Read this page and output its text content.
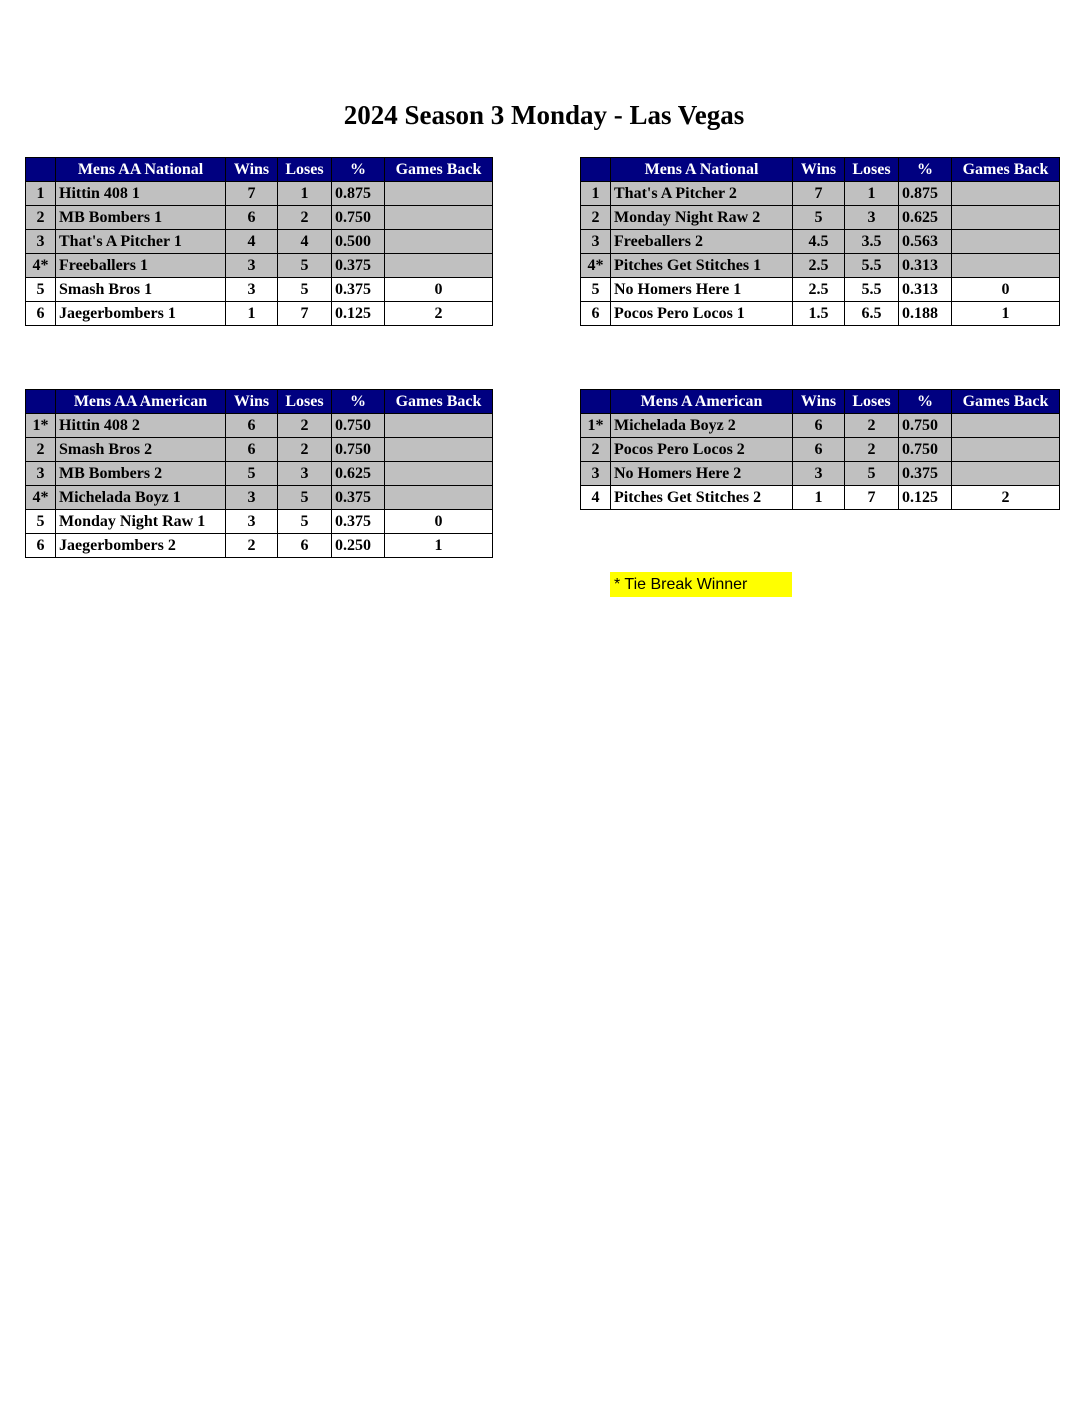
2024 Season 3 Monday - Las Vegas
	Mens AA National	Wins	Loses	%	Games Back
1	Hittin 408 1	7	1	0.875	
2	MB Bombers 1	6	2	0.750	
3	That's A Pitcher 1	4	4	0.500	
4*	Freeballers 1	3	5	0.375	
5	Smash Bros 1	3	5	0.375	0
6	Jaegerbombers 1	1	7	0.125	2
	Mens A National	Wins	Loses	%	Games Back
1	That's A Pitcher 2	7	1	0.875	
2	Monday Night Raw 2	5	3	0.625	
3	Freeballers 2	4.5	3.5	0.563	
4*	Pitches Get Stitches 1	2.5	5.5	0.313	
5	No Homers Here 1	2.5	5.5	0.313	0
6	Pocos Pero Locos 1	1.5	6.5	0.188	1
	Mens AA American	Wins	Loses	%	Games Back
1*	Hittin 408 2	6	2	0.750	
2	Smash Bros 2	6	2	0.750	
3	MB Bombers 2	5	3	0.625	
4*	Michelada Boyz 1	3	5	0.375	
5	Monday Night Raw 1	3	5	0.375	0
6	Jaegerbombers 2	2	6	0.250	1
	Mens A American	Wins	Loses	%	Games Back
1*	Michelada Boyz 2	6	2	0.750	
2	Pocos Pero Locos 2	6	2	0.750	
3	No Homers Here 2	3	5	0.375	
4	Pitches Get Stitches 2	1	7	0.125	2
* Tie Break Winner
